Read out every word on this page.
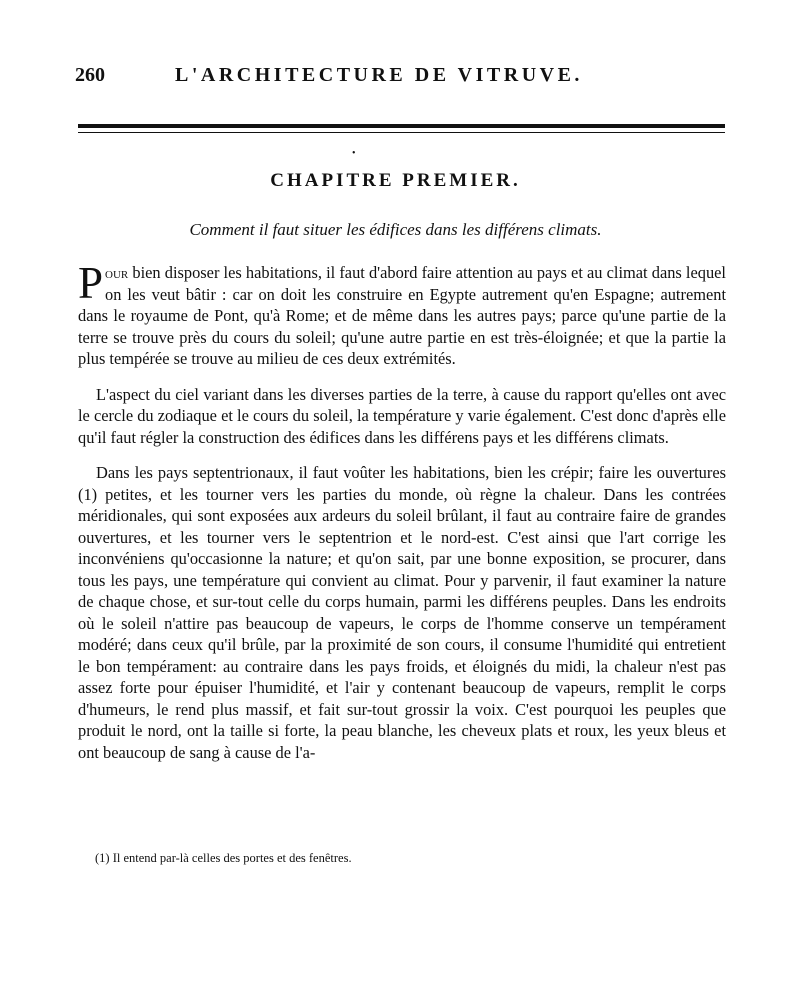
260	L'ARCHITECTURE DE VITRUVE.
•
CHAPITRE PREMIER.
Comment il faut situer les édifices dans les différens climats.

Pour bien disposer les habitations, il faut d'abord faire attention au pays et au climat dans lequel on les veut bâtir : car on doit les construire en Egypte autrement qu'en Espagne; autrement dans le royaume de Pont, qu'à Rome; et de même dans les autres pays; parce qu'une partie de la terre se trouve près du cours du soleil; qu'une autre partie en est très-éloignée; et que la partie la plus tempérée se trouve au milieu de ces deux extrémités.

L'aspect du ciel variant dans les diverses parties de la terre, à cause du rapport qu'elles ont avec le cercle du zodiaque et le cours du soleil, la température y varie également. C'est donc d'après elle qu'il faut régler la construction des édifices dans les différens pays et les différens climats.

Dans les pays septentrionaux, il faut voûter les habitations, bien les crépir; faire les ouvertures (1) petites, et les tourner vers les parties du monde, où règne la chaleur. Dans les contrées méridionales, qui sont exposées aux ardeurs du soleil brûlant, il faut au contraire faire de grandes ouvertures, et les tourner vers le septentrion et le nord-est. C'est ainsi que l'art corrige les inconvéniens qu'occasionne la nature; et qu'on sait, par une bonne exposition, se procurer, dans tous les pays, une température qui convient au climat. Pour y parvenir, il faut examiner la nature de chaque chose, et sur-tout celle du corps humain, parmi les différens peuples. Dans les endroits où le soleil n'attire pas beaucoup de vapeurs, le corps de l'homme conserve un tempérament modéré; dans ceux qu'il brûle, par la proximité de son cours, il consume l'humidité qui entretient le bon tempérament: au contraire dans les pays froids, et éloignés du midi, la chaleur n'est pas assez forte pour épuiser l'humidité, et l'air y contenant beaucoup de vapeurs, remplit le corps d'humeurs, le rend plus massif, et fait sur-tout grossir la voix. C'est pourquoi les peuples que produit le nord, ont la taille si forte, la peau blanche, les cheveux plats et roux, les yeux bleus et ont beaucoup de sang à cause de l'a-

(1) Il entend par-là celles des portes et des fenêtres.
